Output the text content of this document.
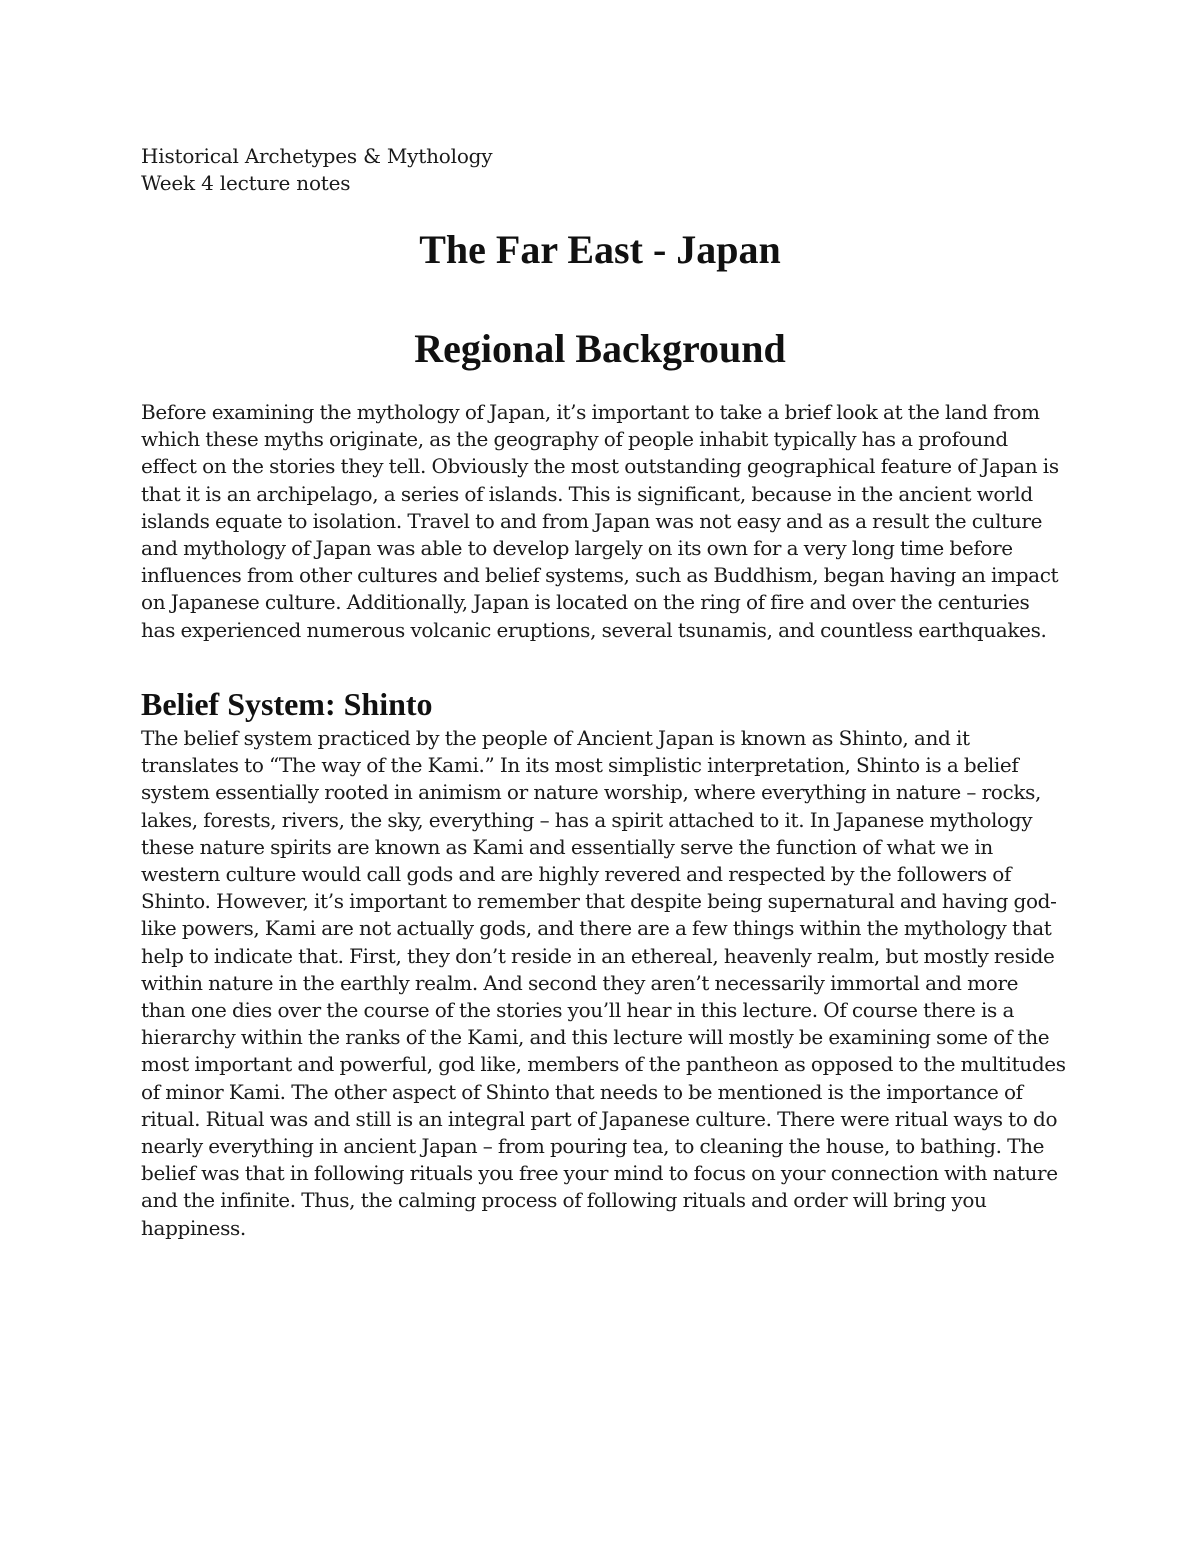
Historical Archetypes & Mythology
Week 4 lecture notes
The Far East - Japan
Regional Background

Before examining the mythology of Japan, it’s important to take a brief look at the land from which these myths originate, as the geography of people inhabit typically has a profound effect on the stories they tell. Obviously the most outstanding geographical feature of Japan is that it is an archipelago, a series of islands. This is significant, because in the ancient world islands equate to isolation. Travel to and from Japan was not easy and as a result the culture and mythology of Japan was able to develop largely on its own for a very long time before influences from other cultures and belief systems, such as Buddhism, began having an impact on Japanese culture. Additionally, Japan is located on the ring of fire and over the centuries has experienced numerous volcanic eruptions, several tsunamis, and countless earthquakes.

Belief System: Shinto

The belief system practiced by the people of Ancient Japan is known as Shinto, and it translates to “The way of the Kami.” In its most simplistic interpretation, Shinto is a belief system essentially rooted in animism or nature worship, where everything in nature – rocks, lakes, forests, rivers, the sky, everything – has a spirit attached to it. In Japanese mythology these nature spirits are known as Kami and essentially serve the function of what we in western culture would call gods and are highly revered and respected by the followers of Shinto. However, it’s important to remember that despite being supernatural and having god-like powers, Kami are not actually gods, and there are a few things within the mythology that help to indicate that. First, they don’t reside in an ethereal, heavenly realm, but mostly reside within nature in the earthly realm. And second they aren’t necessarily immortal and more than one dies over the course of the stories you’ll hear in this lecture. Of course there is a hierarchy within the ranks of the Kami, and this lecture will mostly be examining some of the most important and powerful, god like, members of the pantheon as opposed to the multitudes of minor Kami. The other aspect of Shinto that needs to be mentioned is the importance of ritual. Ritual was and still is an integral part of Japanese culture. There were ritual ways to do nearly everything in ancient Japan – from pouring tea, to cleaning the house, to bathing. The belief was that in following rituals you free your mind to focus on your connection with nature and the infinite. Thus, the calming process of following rituals and order will bring you happiness.
